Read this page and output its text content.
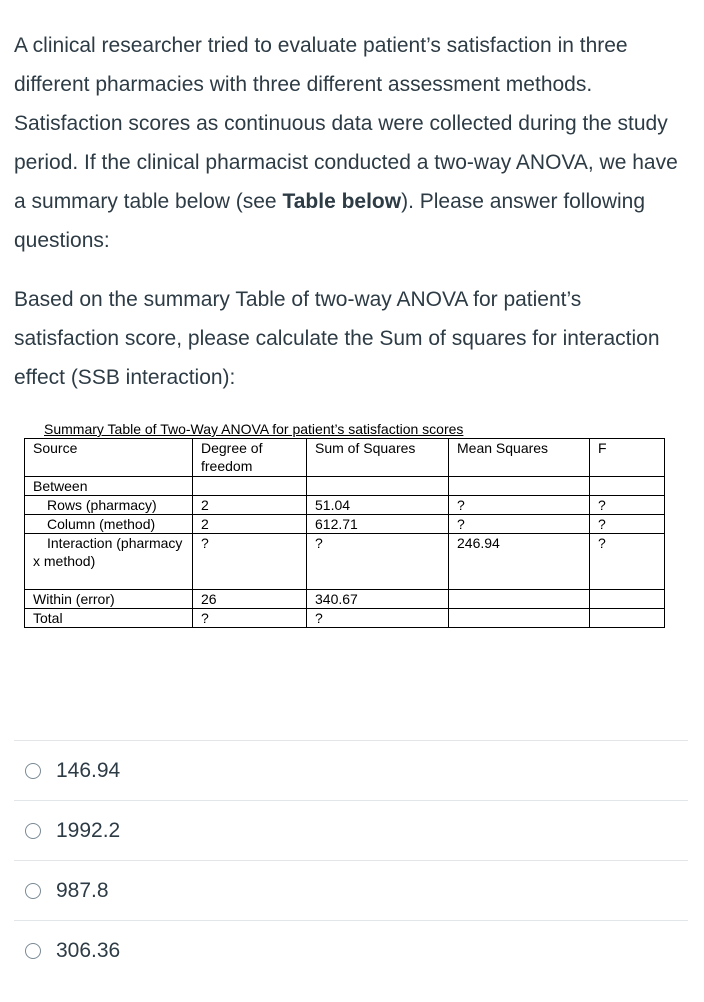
A clinical researcher tried to evaluate patient’s satisfaction in three different pharmacies with three different assessment methods. Satisfaction scores as continuous data were collected during the study period. If the clinical pharmacist conducted a two-way ANOVA, we have a summary table below (see Table below). Please answer following questions:

Based on the summary Table of two-way ANOVA for patient’s satisfaction score, please calculate the Sum of squares for interaction effect (SSB interaction):

Summary Table of Two-Way ANOVA for patient’s satisfaction scores
Source	Degree of freedom	Sum of Squares	Mean Squares	F
Between				
Rows (pharmacy)	2	51.04	?	?
Column (method)	2	612.71	?	?

Interaction (pharmacy x method)	?	?	246.94	?
Within (error)	26	340.67		
Total	?	?		
146.94
1992.2
987.8
306.36
